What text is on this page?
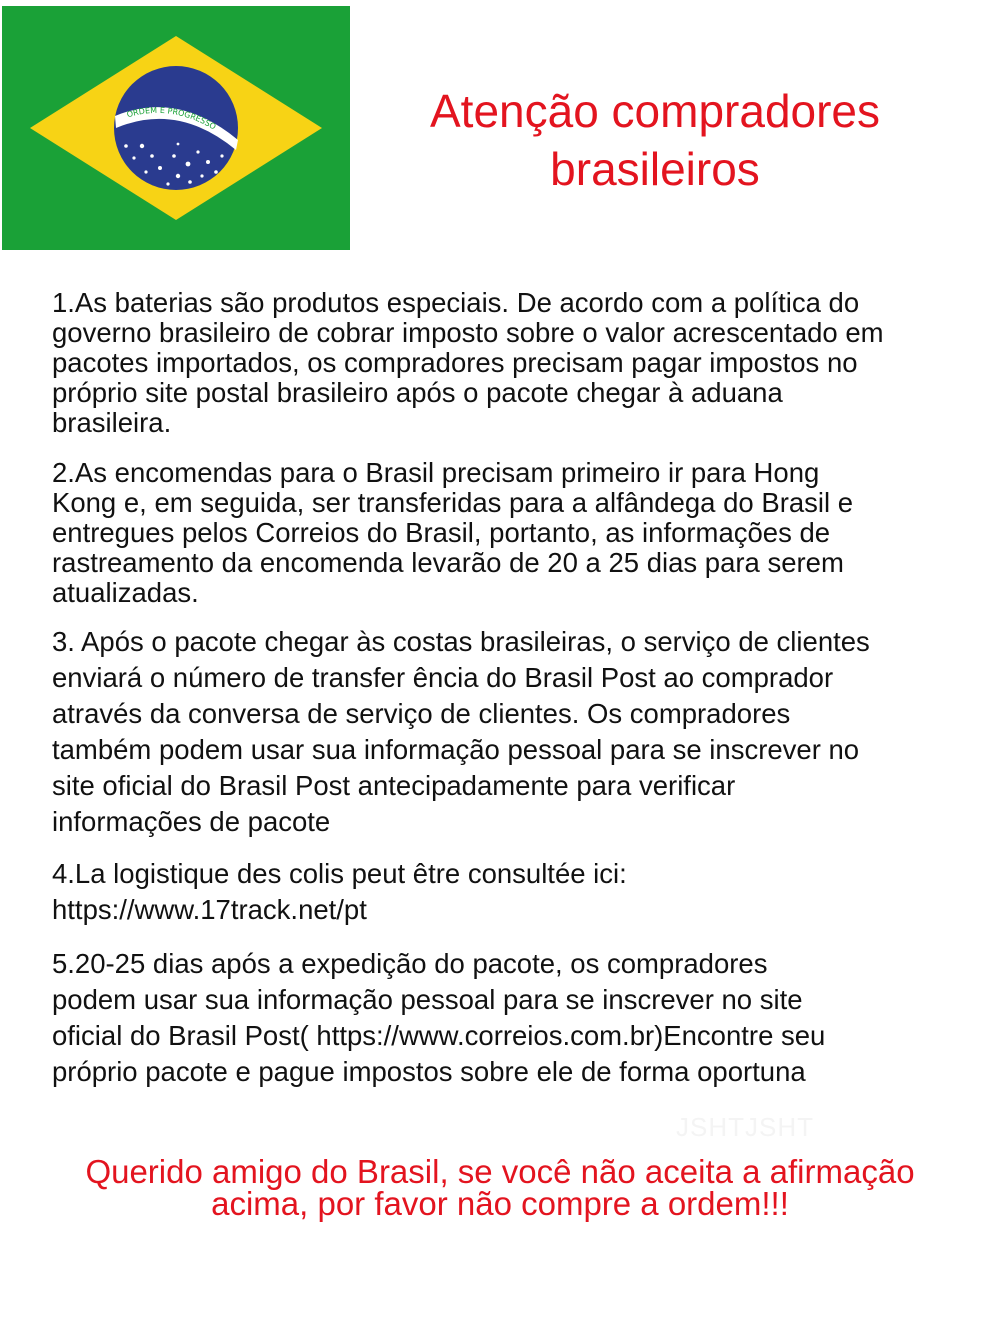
ORDEM E PROGRESSO	Atenção compradores
brasileiros
1.As baterias são produtos especiais. De acordo com a política do
governo brasileiro de cobrar imposto sobre o valor acrescentado em
pacotes importados, os compradores precisam pagar impostos no
próprio site postal brasileiro após o pacote chegar à aduana
brasileira.
2.As encomendas para o Brasil precisam primeiro ir para Hong
Kong e, em seguida, ser transferidas para a alfândega do Brasil e
entregues pelos Correios do Brasil, portanto, as informações de
rastreamento da encomenda levarão de 20 a 25 dias para serem
atualizadas.
3. Após o pacote chegar às costas brasileiras, o serviço de clientes
enviará o número de transfer ência do Brasil Post ao comprador
através da conversa de serviço de clientes. Os compradores
também podem usar sua informação pessoal para se inscrever no
site oficial do Brasil Post antecipadamente para verificar
informações de pacote
4.La logistique des colis peut être consultée ici:
https://www.17track.net/pt
5.20-25 dias após a expedição do pacote, os compradores
podem usar sua informação pessoal para se inscrever no site
oficial do Brasil Post( https://www.correios.com.br)Encontre seu
próprio pacote e pague impostos sobre ele de forma oportuna
JSHTJSHT
Querido amigo do Brasil, se você não aceita a afirmação
acima, por favor não compre a ordem!!!
